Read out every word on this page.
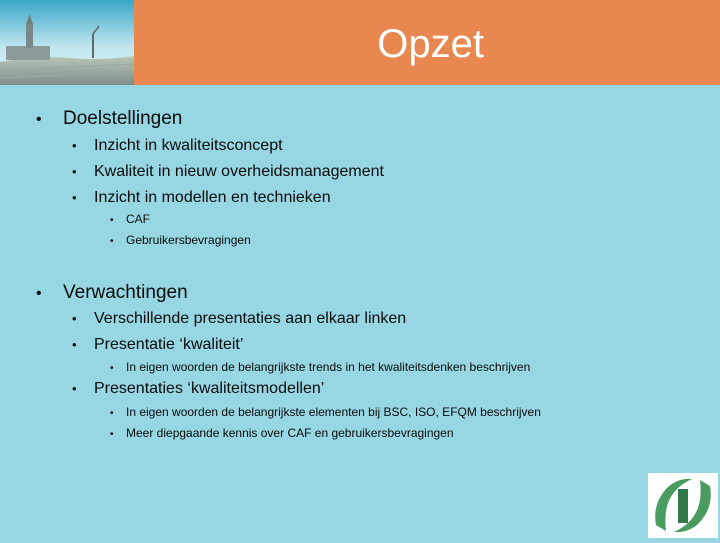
Opzet
•	Doelstellingen
•	Inzicht in kwaliteitsconcept
•	Kwaliteit in nieuw overheidsmanagement
•	Inzicht in modellen en technieken
•	CAF
•	Gebruikersbevragingen
•	Verwachtingen
•	Verschillende presentaties aan elkaar linken
•	Presentatie ‘kwaliteit’
•	In eigen woorden de belangrijkste trends in het kwaliteitsdenken beschrijven
•	Presentaties ‘kwaliteitsmodellen’
•	In eigen woorden de belangrijkste elementen bij BSC, ISO, EFQM beschrijven
•	Meer diepgaande kennis over CAF en gebruikersbevragingen
